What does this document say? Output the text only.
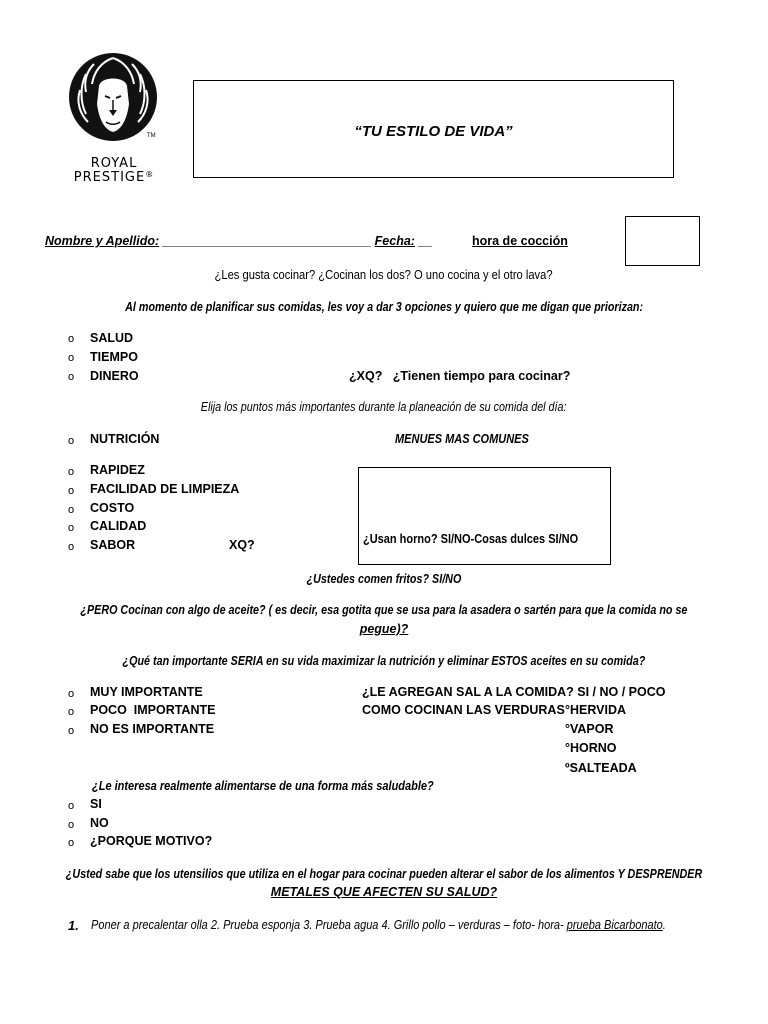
TM
ROYAL
PRESTIGE®
“TU ESTILO DE VIDA”
Nombre y Apellido: ______________________________ Fecha: __	hora de cocción
¿Les gusta cocinar? ¿Cocinan los dos? O uno cocina y el otro lava?
Al momento de planificar sus comidas, les voy a dar 3 opciones y quiero que me digan que priorizan:
o SALUD
o TIEMPO
o DINERO	¿XQ?   ¿Tienen tiempo para cocinar?
Elija los puntos más importantes durante la planeación de su comida del día:
o NUTRICIÓN
o RAPIDEZ
o FACILIDAD DE LIMPIEZA
o COSTO
o CALIDAD
o SABOR	XQ?
MENUES MAS COMUNES
¿Usan horno? SI/NO-Cosas dulces SI/NO
¿Ustedes comen fritos? SI/NO
¿PERO Cocinan con algo de aceite? ( es decir, esa gotita que se usa para la asadera o sartén para que la comida no se
pegue)?
¿Qué tan importante SERIA en su vida maximizar la nutrición y eliminar ESTOS aceites en su comida?
o MUY IMPORTANTE
o POCO  IMPORTANTE
o NO ES IMPORTANTE
¿LE AGREGAN SAL A LA COMIDA? SI / NO / POCO
COMO COCINAN LAS VERDURAS °HERVIDA
°VAPOR
°HORNO
ºSALTEADA
¿Le interesa realmente alimentarse de una forma más saludable?
o SI
o NO
o ¿PORQUE MOTIVO?
¿Usted sabe que los utensilios que utiliza en el hogar para cocinar pueden alterar el sabor de los alimentos Y DESPRENDER
METALES QUE AFECTEN SU SALUD?
1. Poner a precalentar olla 2. Prueba esponja 3. Prueba agua 4. Grillo pollo – verduras – foto- hora- prueba Bicarbonato.
